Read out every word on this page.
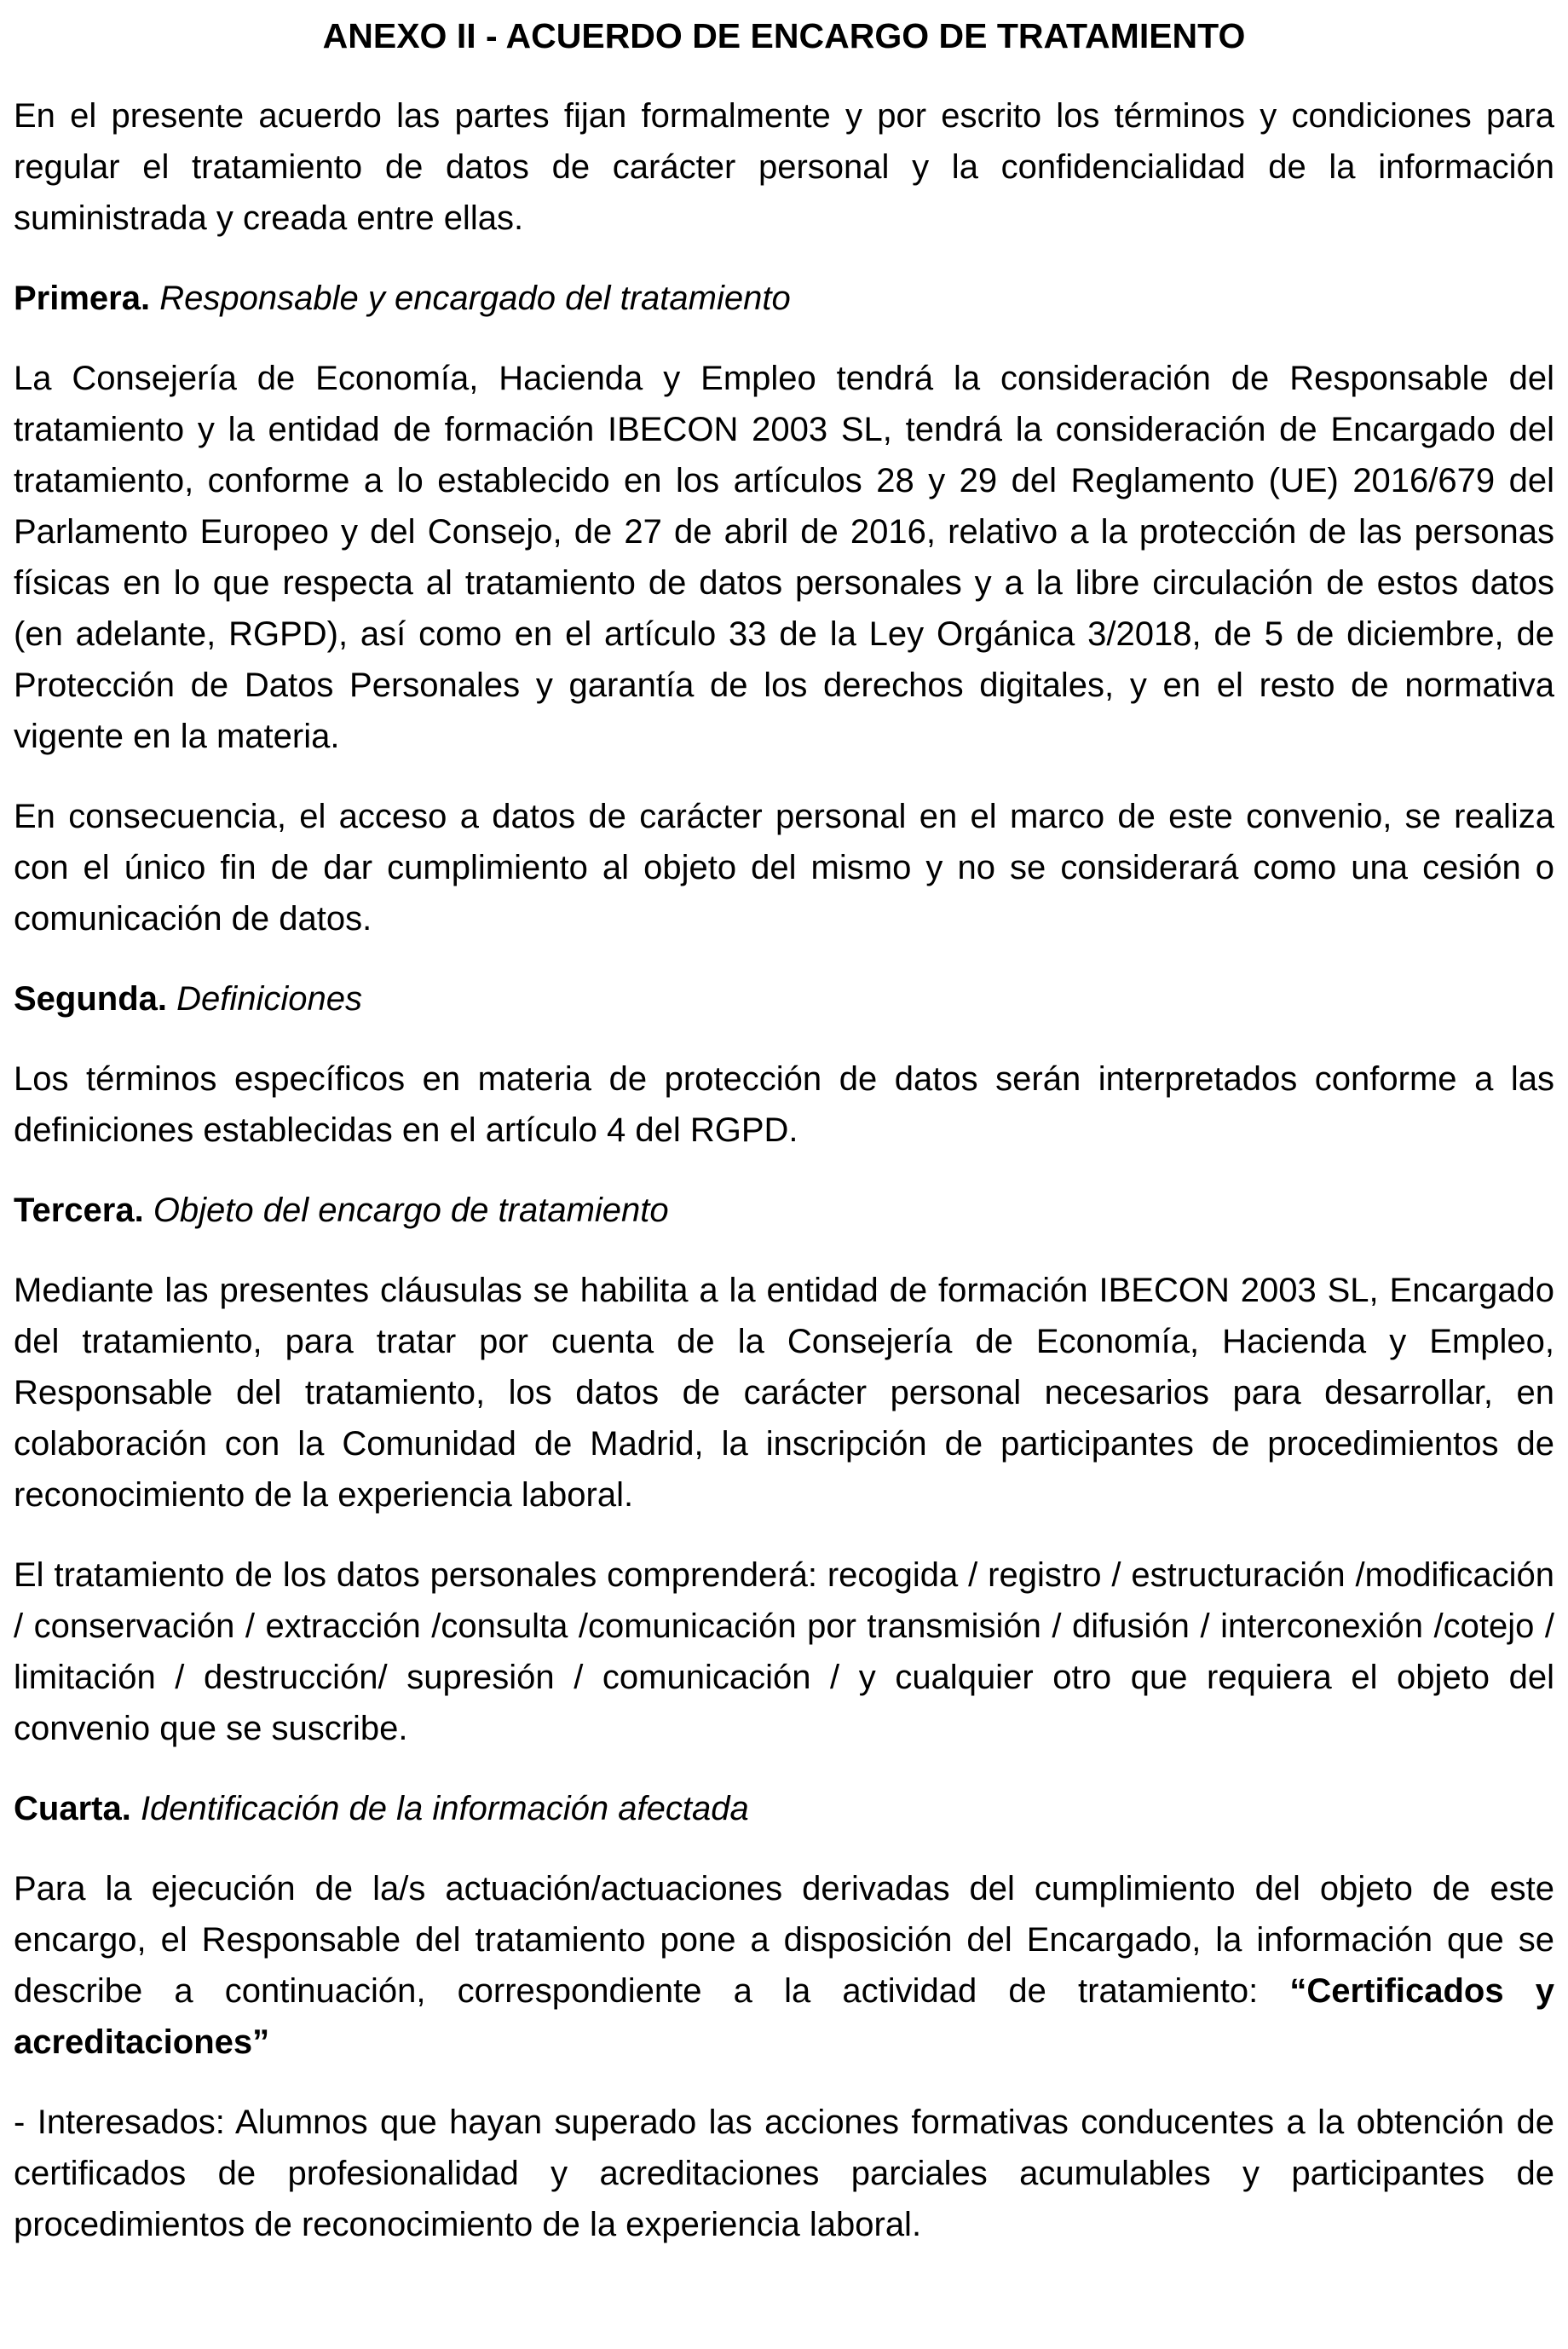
ANEXO II - ACUERDO DE ENCARGO DE TRATAMIENTO

En el presente acuerdo las partes fijan formalmente y por escrito los términos y condiciones para regular el tratamiento de datos de carácter personal y la confidencialidad de la información suministrada y creada entre ellas.

Primera. Responsable y encargado del tratamiento

La Consejería de Economía, Hacienda y Empleo tendrá la consideración de Responsable del tratamiento y la entidad de formación IBECON 2003 SL, tendrá la consideración de Encargado del tratamiento, conforme a lo establecido en los artículos 28 y 29 del Reglamento (UE) 2016/679 del Parlamento Europeo y del Consejo, de 27 de abril de 2016, relativo a la protección de las personas físicas en lo que respecta al tratamiento de datos personales y a la libre circulación de estos datos (en adelante, RGPD), así como en el artículo 33 de la Ley Orgánica 3/2018, de 5 de diciembre, de Protección de Datos Personales y garantía de los derechos digitales, y en el resto de normativa vigente en la materia.

En consecuencia, el acceso a datos de carácter personal en el marco de este convenio, se realiza con el único fin de dar cumplimiento al objeto del mismo y no se considerará como una cesión o comunicación de datos.

Segunda. Definiciones

Los términos específicos en materia de protección de datos serán interpretados conforme a las definiciones establecidas en el artículo 4 del RGPD.

Tercera. Objeto del encargo de tratamiento

Mediante las presentes cláusulas se habilita a la entidad de formación IBECON 2003 SL, Encargado del tratamiento, para tratar por cuenta de la Consejería de Economía, Hacienda y Empleo, Responsable del tratamiento, los datos de carácter personal necesarios para desarrollar, en colaboración con la Comunidad de Madrid, la inscripción de participantes de procedimientos de reconocimiento de la experiencia laboral.

El tratamiento de los datos personales comprenderá: recogida / registro / estructuración /modificación / conservación / extracción /consulta /comunicación por transmisión / difusión / interconexión /cotejo / limitación / destrucción/ supresión / comunicación / y cualquier otro que requiera el objeto del convenio que se suscribe.

Cuarta. Identificación de la información afectada

Para la ejecución de la/s actuación/actuaciones derivadas del cumplimiento del objeto de este encargo, el Responsable del tratamiento pone a disposición del Encargado, la información que se describe a continuación, correspondiente a la actividad de tratamiento: “Certificados y acreditaciones”

- Interesados: Alumnos que hayan superado las acciones formativas conducentes a la obtención de certificados de profesionalidad y acreditaciones parciales acumulables y participantes de procedimientos de reconocimiento de la experiencia laboral.
